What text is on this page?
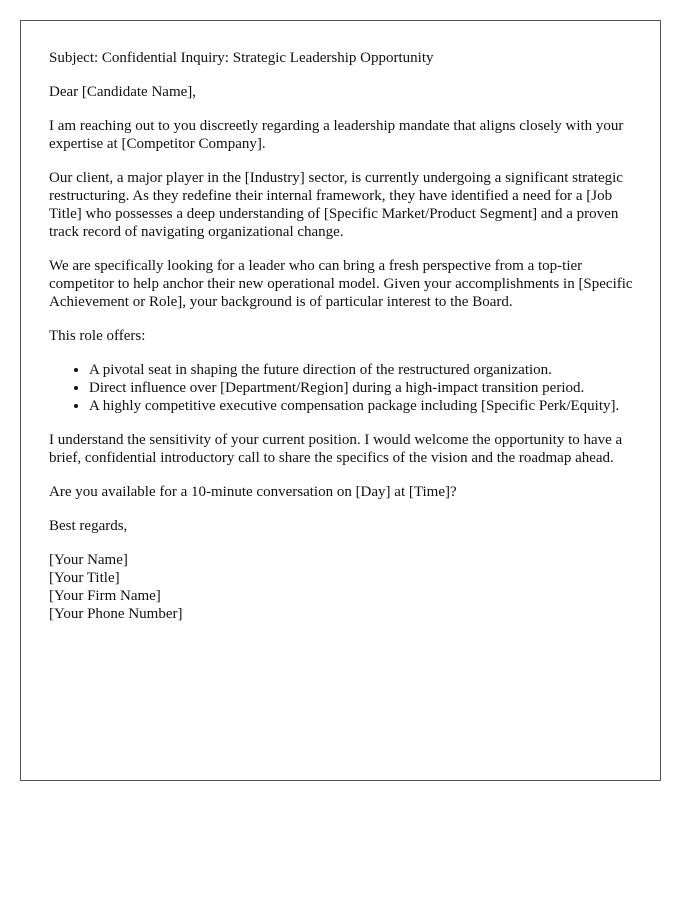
Subject: Confidential Inquiry: Strategic Leadership Opportunity

Dear [Candidate Name],

I am reaching out to you discreetly regarding a leadership mandate that aligns closely with your expertise at [Competitor Company].

Our client, a major player in the [Industry] sector, is currently undergoing a significant strategic restructuring. As they redefine their internal framework, they have identified a need for a [Job Title] who possesses a deep understanding of [Specific Market/Product Segment] and a proven track record of navigating organizational change.

We are specifically looking for a leader who can bring a fresh perspective from a top-tier competitor to help anchor their new operational model. Given your accomplishments in [Specific Achievement or Role], your background is of particular interest to the Board.

This role offers:

• A pivotal seat in shaping the future direction of the restructured organization.
• Direct influence over [Department/Region] during a high-impact transition period.
• A highly competitive executive compensation package including [Specific Perk/Equity].

I understand the sensitivity of your current position. I would welcome the opportunity to have a brief, confidential introductory call to share the specifics of the vision and the roadmap ahead.

Are you available for a 10-minute conversation on [Day] at [Time]?

Best regards,

[Your Name]
[Your Title]
[Your Firm Name]
[Your Phone Number]
